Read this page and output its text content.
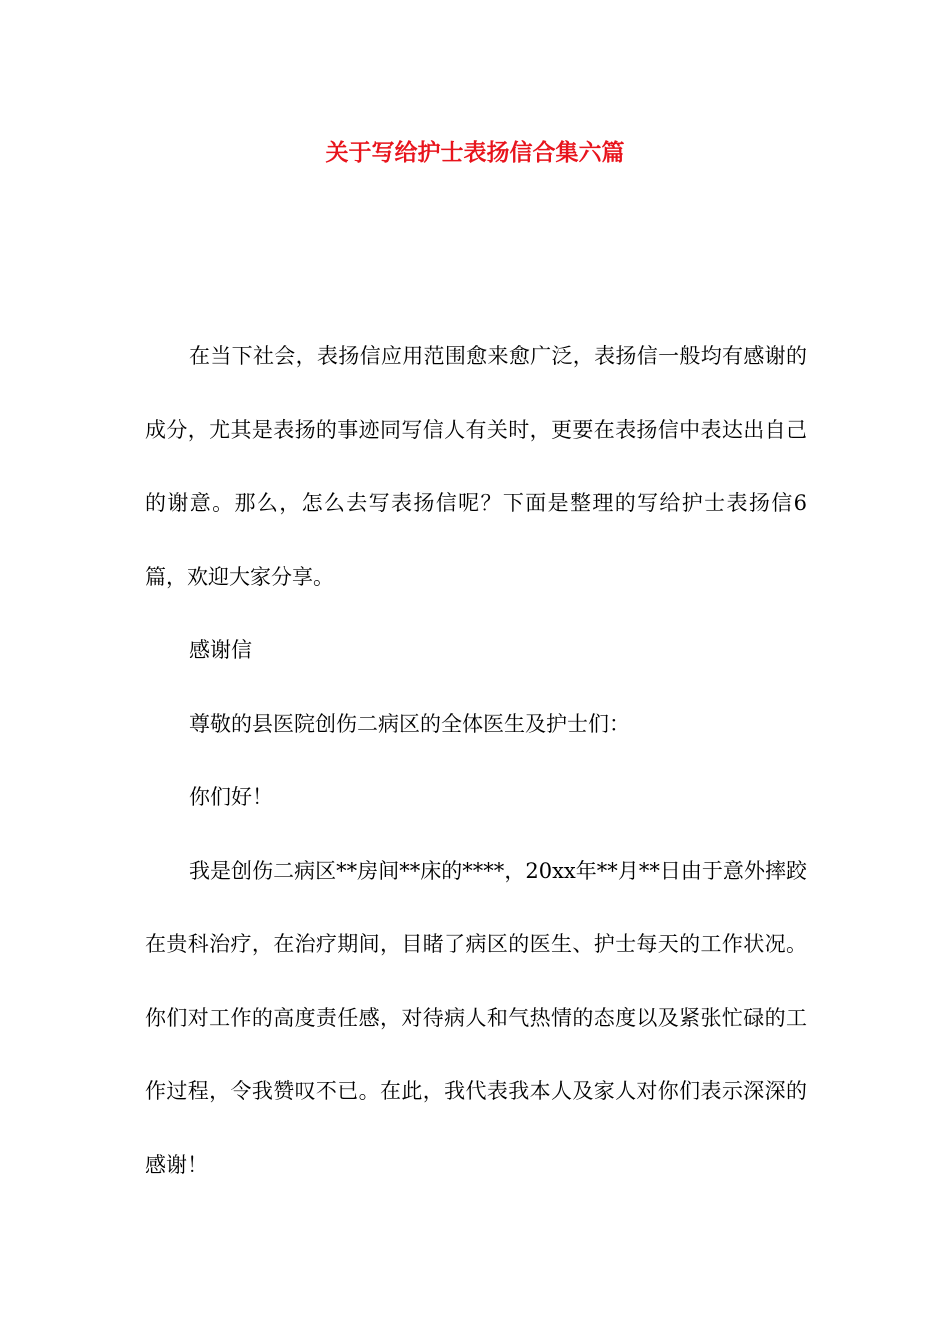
关于写给护士表扬信合集六篇

在当下社会，表扬信应用范围愈来愈广泛，表扬信一般均有感谢的成分，尤其是表扬的事迹同写信人有关时，更要在表扬信中表达出自己的谢意。那么，怎么去写表扬信呢？下面是整理的写给护士表扬信6篇，欢迎大家分享。

感谢信

尊敬的县医院创伤二病区的全体医生及护士们：

你们好！

我是创伤二病区**房间**床的****，20xx年**月**日由于意外摔跤在贵科治疗，在治疗期间，目睹了病区的医生、护士每天的工作状况。你们对工作的高度责任感，对待病人和气热情的态度以及紧张忙碌的工作过程，令我赞叹不已。在此，我代表我本人及家人对你们表示深深的感谢！
